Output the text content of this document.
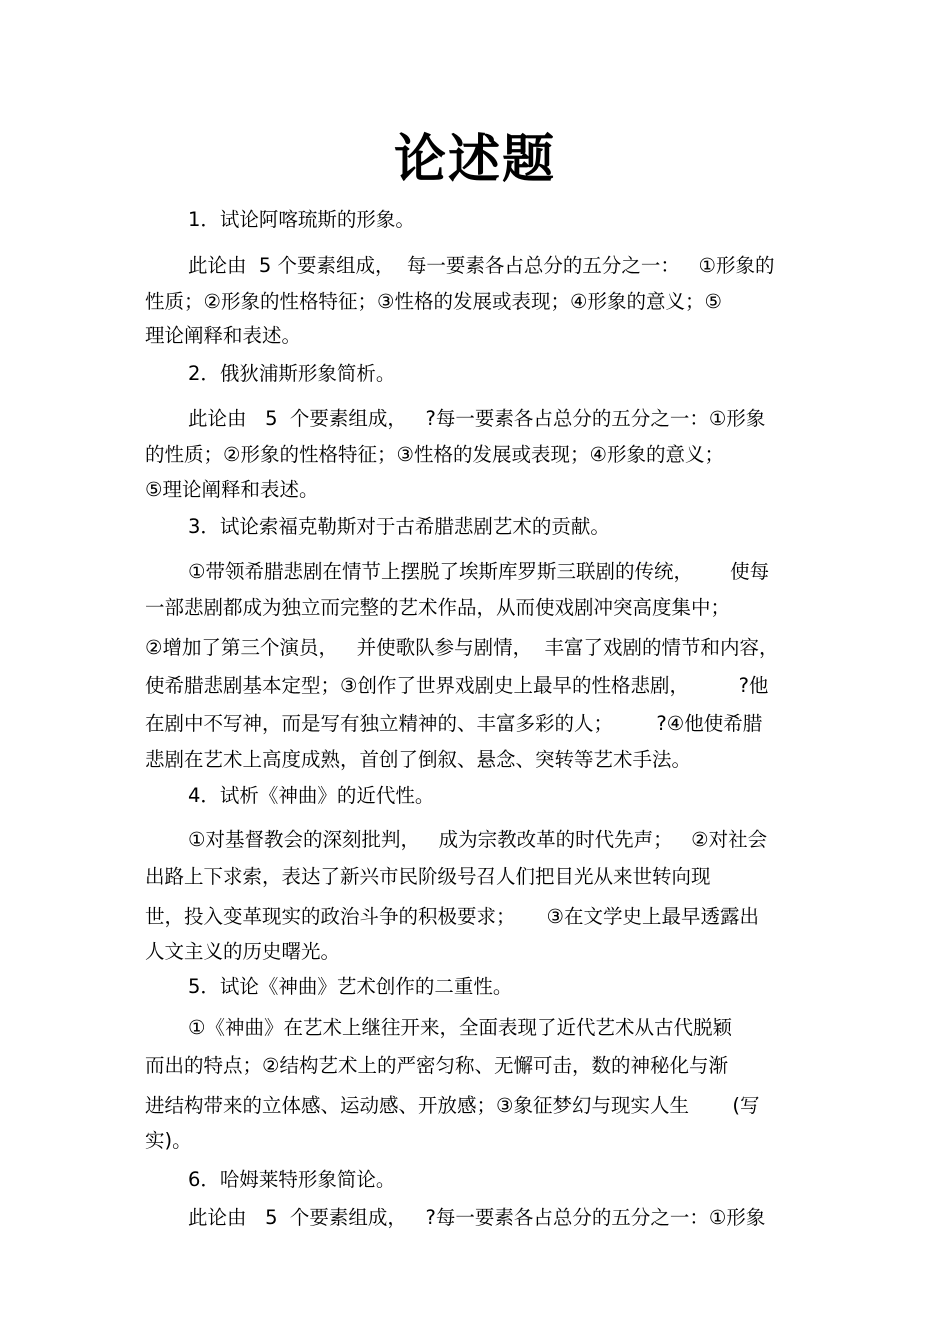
论述题
1．试论阿喀琉斯的形象。
此论由  5 个要素组成，  每一要素各占总分的五分之一：   ①形象的
性质；②形象的性格特征；③性格的发展或表现；④形象的意义；⑤
理论阐释和表述。
2．俄狄浦斯形象简析。
此论由   5  个要素组成，   ?每一要素各占总分的五分之一：①形象
的性质；②形象的性格特征；③性格的发展或表现；④形象的意义；
⑤理论阐释和表述。
3．试论索福克勒斯对于古希腊悲剧艺术的贡献。
①带领希腊悲剧在情节上摆脱了埃斯库罗斯三联剧的传统，      使每
一部悲剧都成为独立而完整的艺术作品，从而使戏剧冲突高度集中；
②增加了第三个演员，   并使歌队参与剧情，  丰富了戏剧的情节和内容，
使希腊悲剧基本定型；③创作了世界戏剧史上最早的性格悲剧，        ?他
在剧中不写神，而是写有独立精神的、丰富多彩的人；       ?④他使希腊
悲剧在艺术上高度成熟，首创了倒叙、悬念、突转等艺术手法。
4．试析《神曲》的近代性。
①对基督教会的深刻批判，   成为宗教改革的时代先声；   ②对社会
出路上下求索，表达了新兴市民阶级号召人们把目光从来世转向现
世，投入变革现实的政治斗争的积极要求；     ③在文学史上最早透露出
人文主义的历史曙光。
5．试论《神曲》艺术创作的二重性。
①《神曲》在艺术上继往开来，全面表现了近代艺术从古代脱颖
而出的特点；②结构艺术上的严密匀称、无懈可击，数的神秘化与渐
进结构带来的立体感、运动感、开放感；③象征梦幻与现实人生       (写
实)。
6．哈姆莱特形象简论。
此论由   5  个要素组成，   ?每一要素各占总分的五分之一：①形象
